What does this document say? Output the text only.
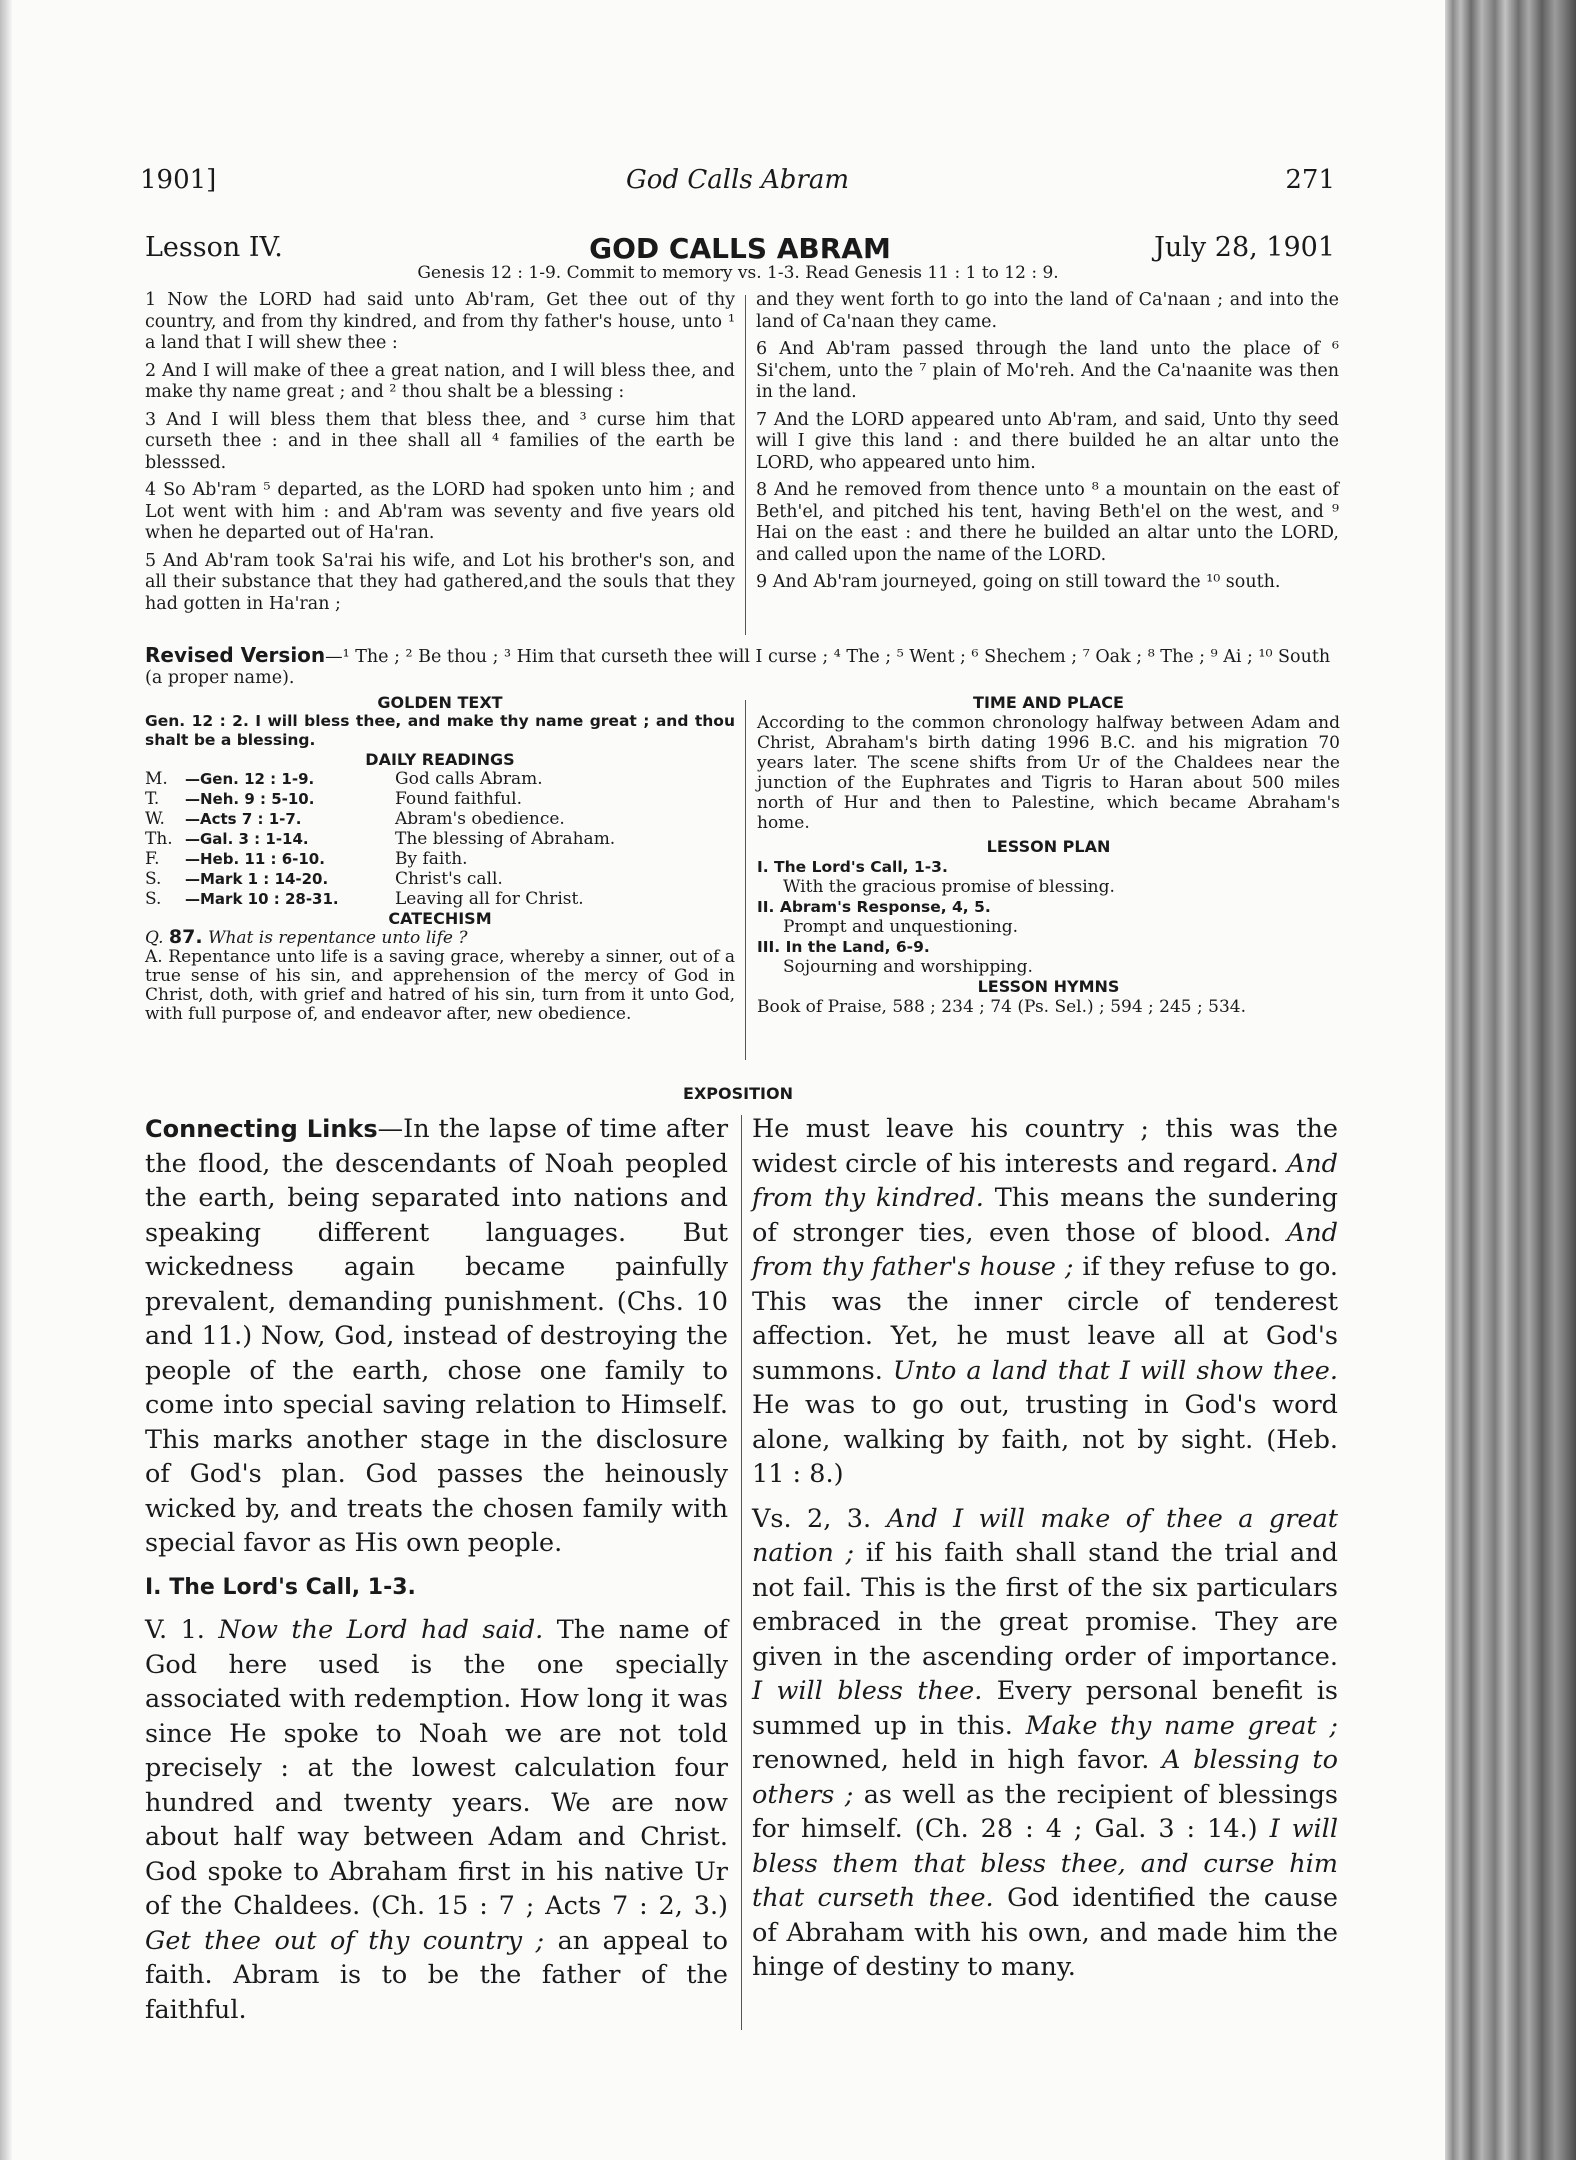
1901]	God Calls Abram	271
Lesson IV.	GOD CALLS ABRAM	July 28, 1901
Genesis 12 : 1-9. Commit to memory vs. 1-3. Read Genesis 11 : 1 to 12 : 9.

1 Now the LORD had said unto Ab'ram, Get thee out of thy country, and from thy kindred, and from thy father's house, unto ¹ a land that I will shew thee :

2 And I will make of thee a great nation, and I will bless thee, and make thy name great ; and ² thou shalt be a blessing :

3 And I will bless them that bless thee, and ³ curse him that curseth thee : and in thee shall all ⁴ families of the earth be blesssed.

4 So Ab'ram ⁵ departed, as the LORD had spoken unto him ; and Lot went with him : and Ab'ram was seventy and five years old when he departed out of Ha'ran.

5 And Ab'ram took Sa'rai his wife, and Lot his brother's son, and all their substance that they had gathered,and the souls that they had gotten in Ha'ran ;

and they went forth to go into the land of Ca'naan ; and into the land of Ca'naan they came.

6 And Ab'ram passed through the land unto the place of ⁶ Si'chem, unto the ⁷ plain of Mo'reh. And the Ca'naanite was then in the land.

7 And the LORD appeared unto Ab'ram, and said, Unto thy seed will I give this land : and there builded he an altar unto the LORD, who appeared unto him.

8 And he removed from thence unto ⁸ a mountain on the east of Beth'el, and pitched his tent, having Beth'el on the west, and ⁹ Hai on the east : and there he builded an altar unto the LORD, and called upon the name of the LORD.

9 And Ab'ram journeyed, going on still toward the ¹⁰ south.

Revised Version—¹ The ; ² Be thou ; ³ Him that curseth thee will I curse ; ⁴ The ; ⁵ Went ; ⁶ Shechem ; ⁷ Oak ; ⁸ The ; ⁹ Ai ; ¹⁰ South (a proper name).

GOLDEN TEXT

Gen. 12 : 2. I will bless thee, and make thy name great ; and thou shalt be a blessing.

DAILY READINGS

M.	—Gen. 12 : 1-9.	God calls Abram.
T.	—Neh. 9 : 5-10.	Found faithful.
W.	—Acts 7 : 1-7.	Abram's obedience.
Th.	—Gal. 3 : 1-14.	The blessing of Abraham.
F.	—Heb. 11 : 6-10.	By faith.
S.	—Mark 1 : 14-20.	Christ's call.
S.	—Mark 10 : 28-31.	Leaving all for Christ.

CATECHISM

Q. 87. What is repentance unto life ?
A. Repentance unto life is a saving grace, whereby a sinner, out of a true sense of his sin, and apprehension of the mercy of God in Christ, doth, with grief and hatred of his sin, turn from it unto God, with full purpose of, and endeavor after, new obedience.

TIME AND PLACE

According to the common chronology halfway between Adam and Christ, Abraham's birth dating 1996 B.C. and his migration 70 years later. The scene shifts from Ur of the Chaldees near the junction of the Euphrates and Tigris to Haran about 500 miles north of Hur and then to Palestine, which became Abraham's home.

LESSON PLAN

I. The Lord's Call, 1-3.
With the gracious promise of blessing.
II. Abram's Response, 4, 5.
Prompt and unquestioning.
III. In the Land, 6-9.
Sojourning and worshipping.

LESSON HYMNS

Book of Praise, 588 ; 234 ; 74 (Ps. Sel.) ; 594 ; 245 ; 534.
EXPOSITION

Connecting Links—In the lapse of time after the flood, the descendants of Noah peopled the earth, being separated into nations and speaking different languages. But wickedness again became painfully prevalent, demanding punishment. (Chs. 10 and 11.) Now, God, instead of destroying the people of the earth, chose one family to come into special saving relation to Himself. This marks another stage in the disclosure of God's plan. God passes the heinously wicked by, and treats the chosen family with special favor as His own people.

I. The Lord's Call, 1-3.

V. 1. Now the Lord had said. The name of God here used is the one specially associated with redemption. How long it was since He spoke to Noah we are not told precisely : at the lowest calculation four hundred and twenty years. We are now about half way between Adam and Christ. God spoke to Abraham first in his native Ur of the Chaldees. (Ch. 15 : 7 ; Acts 7 : 2, 3.) Get thee out of thy country ; an appeal to faith. Abram is to be the father of the faithful.

He must leave his country ; this was the widest circle of his interests and regard. And from thy kindred. This means the sundering of stronger ties, even those of blood. And from thy father's house ; if they refuse to go. This was the inner circle of tenderest affection. Yet, he must leave all at God's summons. Unto a land that I will show thee. He was to go out, trusting in God's word alone, walking by faith, not by sight. (Heb. 11 : 8.)

Vs. 2, 3. And I will make of thee a great nation ; if his faith shall stand the trial and not fail. This is the first of the six particulars embraced in the great promise. They are given in the ascending order of importance. I will bless thee. Every personal benefit is summed up in this. Make thy name great ; renowned, held in high favor. A blessing to others ; as well as the recipient of blessings for himself. (Ch. 28 : 4 ; Gal. 3 : 14.) I will bless them that bless thee, and curse him that curseth thee. God identified the cause of Abraham with his own, and made him the hinge of destiny to many.
